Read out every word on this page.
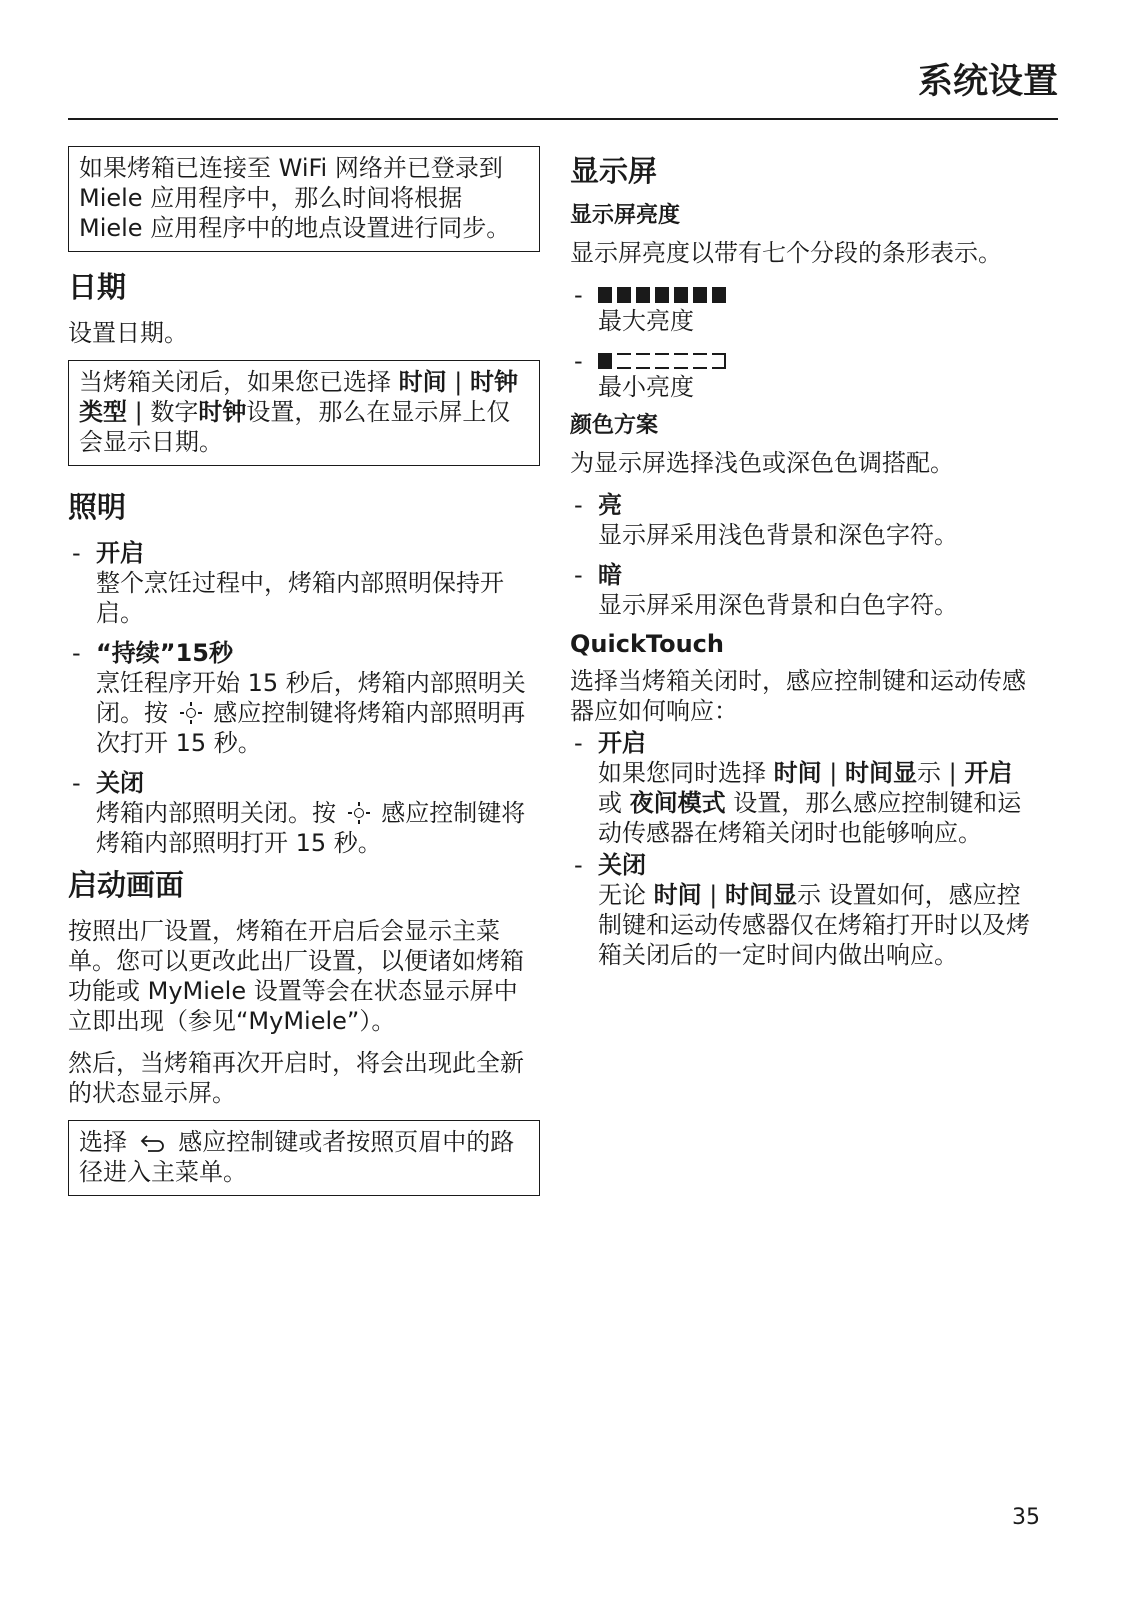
系统设置
如果烤箱已连接至 WiFi 网络并已登录到 Miele 应用程序中，那么时间将根据 Miele 应用程序中的地点设置进行同步。
日期

设置日期。

当烤箱关闭后，如果您已选择 时间 | 时钟类型 | 数字时钟设置，那么在显示屏上仅会显示日期。
照明
- 开启
整个烹饪过程中，烤箱内部照明保持开启。
- “持续”15秒
烹饪程序开始 15 秒后，烤箱内部照明关闭。按  感应控制键将烤箱内部照明再次打开 15 秒。
- 关闭
烤箱内部照明关闭。按  感应控制键将烤箱内部照明打开 15 秒。
启动画面

按照出厂设置，烤箱在开启后会显示主菜单。您可以更改此出厂设置，以便诸如烤箱功能或 MyMiele 设置等会在状态显示屏中立即出现（参见“MyMiele”）。

然后，当烤箱再次开启时，将会出现此全新的状态显示屏。

选择  感应控制键或者按照页眉中的路径进入主菜单。
显示屏
显示屏亮度

显示屏亮度以带有七个分段的条形表示。

- 最大亮度
- 最小亮度
颜色方案

为显示屏选择浅色或深色色调搭配。

- 亮
显示屏采用浅色背景和深色字符。
- 暗
显示屏采用深色背景和白色字符。
QuickTouch

选择当烤箱关闭时，感应控制键和运动传感器应如何响应：

- 开启
如果您同时选择 时间 | 时间显示 | 开启
或 夜间模式 设置，那么感应控制键和运动传感器在烤箱关闭时也能够响应。
- 关闭
无论 时间 | 时间显示 设置如何，感应控制键和运动传感器仅在烤箱打开时以及烤箱关闭后的一定时间内做出响应。
35
